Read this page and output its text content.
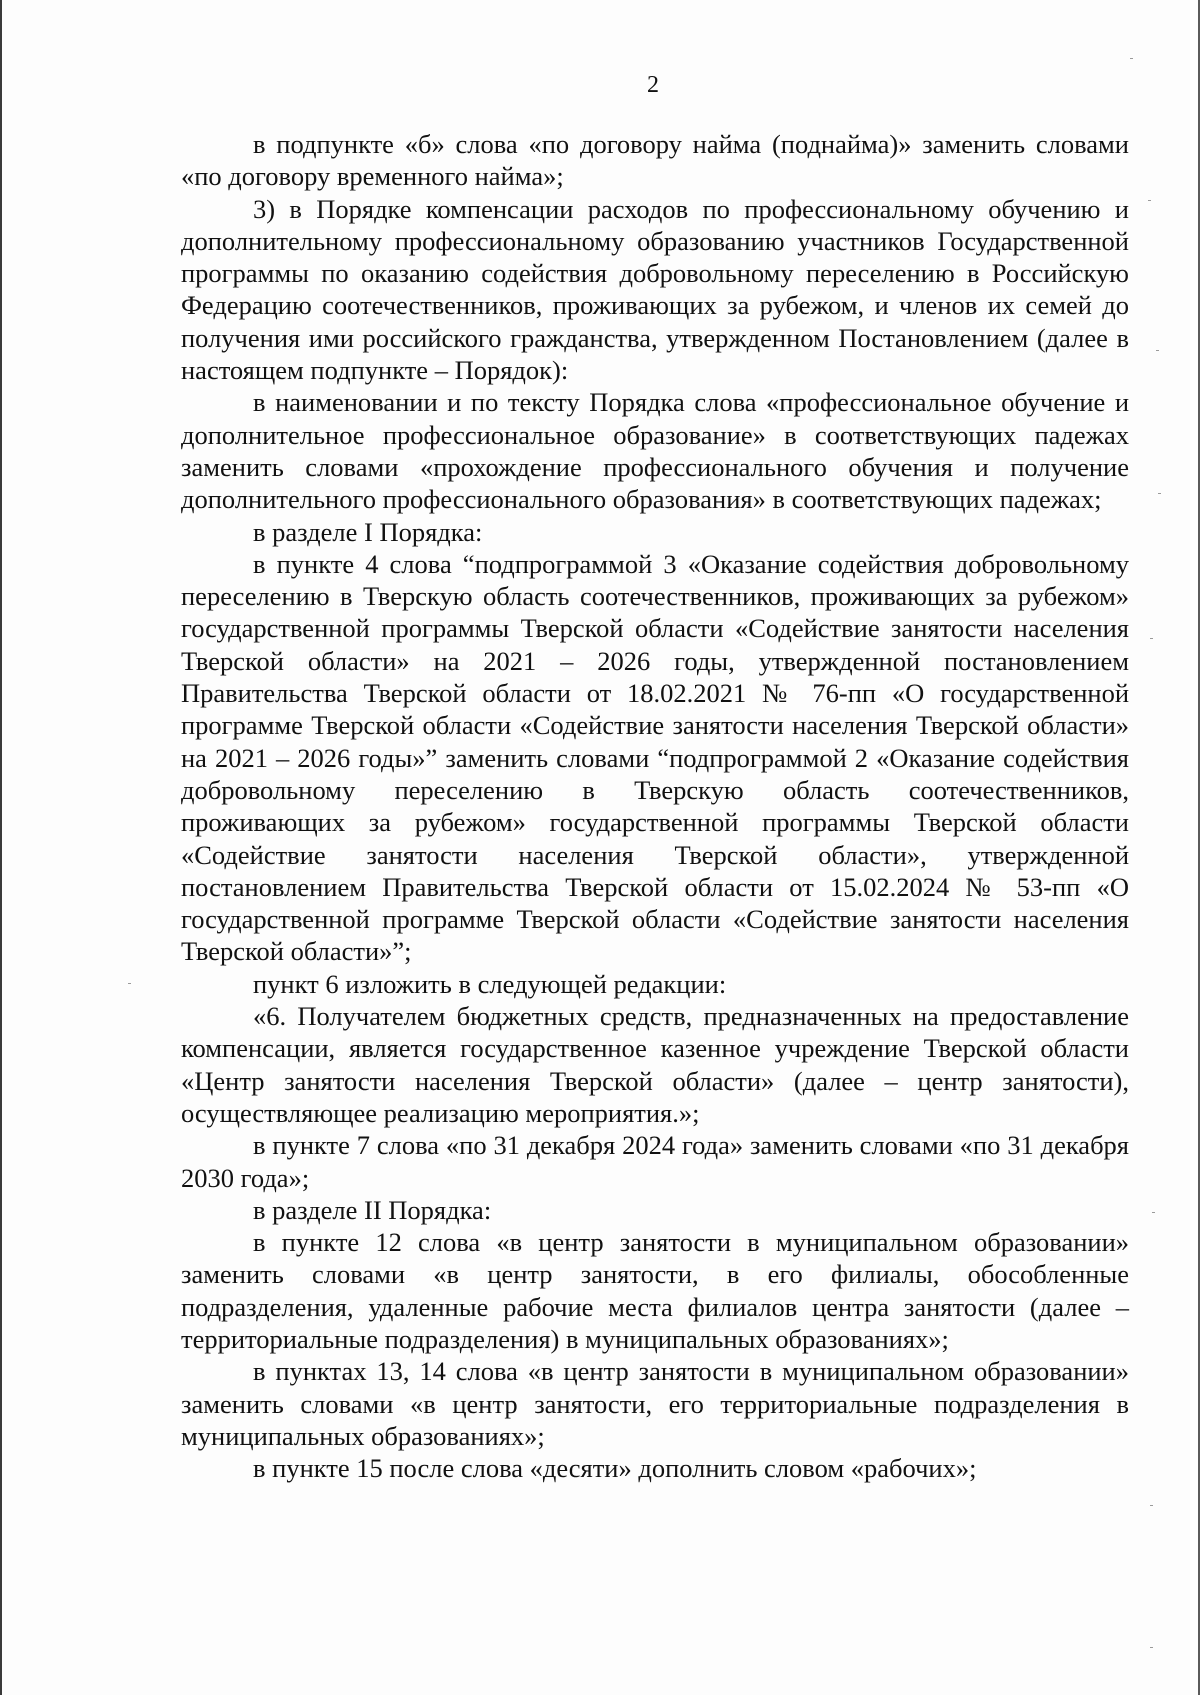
2

в подпункте «б» слова «по договору найма (поднайма)» заменить словами «по договору временного найма»;

3) в Порядке компенсации расходов по профессиональному обучению и дополнительному профессиональному образованию участников Государственной программы по оказанию содействия добровольному переселению в Российскую Федерацию соотечественников, проживающих за рубежом, и членов их семей до получения ими российского гражданства, утвержденном Постановлением (далее в настоящем подпункте – Порядок):

в наименовании и по тексту Порядка слова «профессиональное обучение и дополнительное профессиональное образование» в соответствующих падежах заменить словами «прохождение профессионального обучения и получение дополнительного профессионального образования» в соответствующих падежах;

в разделе I Порядка:

в пункте 4 слова “подпрограммой 3 «Оказание содействия добровольному переселению в Тверскую область соотечественников, проживающих за рубежом» государственной программы Тверской области «Содействие занятости населения Тверской области» на 2021 – 2026 годы, утвержденной постановлением Правительства Тверской области от 18.02.2021 № 76-пп «О государственной программе Тверской области «Содействие занятости населения Тверской области» на 2021 – 2026 годы»” заменить словами “подпрограммой 2 «Оказание содействия добровольному переселению в Тверскую область соотечественников, проживающих за рубежом» государственной программы Тверской области «Содействие занятости населения Тверской области», утвержденной постановлением Правительства Тверской области от 15.02.2024 № 53-пп «О государственной программе Тверской области «Содействие занятости населения Тверской области»”;

пункт 6 изложить в следующей редакции:

«6. Получателем бюджетных средств, предназначенных на предоставление компенсации, является государственное казенное учреждение Тверской области «Центр занятости населения Тверской области» (далее – центр занятости), осуществляющее реализацию мероприятия.»;

в пункте 7 слова «по 31 декабря 2024 года» заменить словами «по 31 декабря 2030 года»;

в разделе II Порядка:

в пункте 12 слова «в центр занятости в муниципальном образовании» заменить словами «в центр занятости, в его филиалы, обособленные подразделения, удаленные рабочие места филиалов центра занятости (далее – территориальные подразделения) в муниципальных образованиях»;

в пунктах 13, 14 слова «в центр занятости в муниципальном образовании» заменить словами «в центр занятости, его территориальные подразделения в муниципальных образованиях»;

в пункте 15 после слова «десяти» дополнить словом «рабочих»;
